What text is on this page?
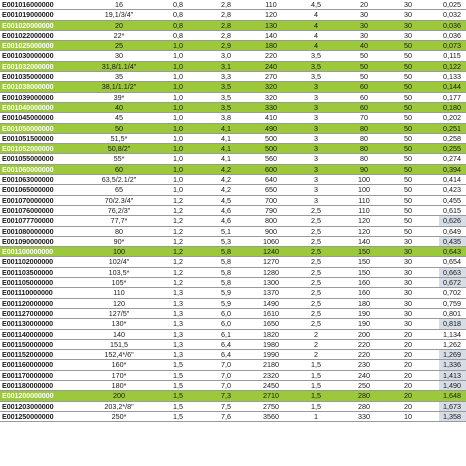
E001016000000	16	0,8	2,8	110	4,5	20	30	0,025
E001019000000	19,1/3/4"	0,8	2,8	120	4	30	30	0,032
E001020000000	20	0,8	2,8	130	4	30	30	0,036
E001022000000	22*	0,8	2,8	140	4	30	30	0,036
E001025000000	25	1,0	2,9	180	4	40	50	0,073
E001030000000	30	1,0	3,0	220	3,5	50	50	0,115
E001032000000	31,8/1.1/4"	1,0	3,1	240	3,5	50	50	0,122
E001035000000	35	1,0	3,3	270	3,5	50	50	0,133
E001038000000	38,1/1.1/2"	1,0	3,5	320	3	60	50	0,144
E001039000000	39*	1,0	3,5	320	3	60	50	0,177
E001040000000	40	1,0	3,5	330	3	60	50	0,180
E001045000000	45	1,0	3,8	410	3	70	50	0,202
E001050000000	50	1,0	4,1	490	3	80	50	0,251
E001051500000	51,5*	1,0	4,1	500	3	80	50	0,258
E001052000000	50,8/2"	1,0	4,1	500	3	80	50	0,255
E001055000000	55*	1,0	4,1	560	3	80	50	0,274
E001060000000	60	1,0	4,2	600	3	90	50	0,394
E001063000000	63,5/2.1/2"	1,0	4,2	640	3	100	50	0,414
E001065000000	65	1,0	4,2	650	3	100	50	0,423
E001070000000	70/2.3/4"	1,2	4,5	700	3	110	50	0,455
E001076000000	76,2/3"	1,2	4,6	790	2,5	110	50	0,615
E001077700000	77,7*	1,2	4,6	800	2,5	120	50	0,626
E001080000000	80	1,2	5,1	900	2,5	120	50	0,649
E001090000000	90*	1,2	5,3	1060	2,5	140	30	0,435
E001100000000	100	1,2	5,8	1240	2,5	150	30	0,643
E001102000000	102/4"	1,2	5,8	1270	2,5	150	30	0,654
E001103500000	103,5*	1,2	5,8	1280	2,5	150	30	0,663
E001105000000	105*	1,2	5,8	1300	2,5	160	30	0,672
E001110000000	110	1,3	5,9	1370	2,5	160	30	0,702
E001120000000	120	1,3	5,9	1490	2,5	180	30	0,759
E001127000000	127/5"	1,3	6,0	1610	2,5	190	30	0,801
E001130000000	130*	1,3	6,0	1650	2,5	190	30	0,818
E001140000000	140	1,3	6,1	1820	2	200	20	1,134
E001150000000	151,5	1,3	6,4	1980	2	220	20	1,262
E001152000000	152,4*/6"	1,3	6,4	1990	2	220	20	1,269
E001160000000	160*	1,5	7,0	2180	1,5	230	20	1,336
E001170000000	170*	1,5	7,0	2320	1,5	240	20	1,413
E001180000000	180*	1,5	7,0	2450	1,5	250	20	1,490
E001200000000	200	1,5	7,3	2710	1,5	280	20	1,648
E001203000000	203,2*/8"	1,5	7,5	2750	1,5	280	20	1,673
E001250000000	250*	1,5	7,6	3560	1	330	10	1,358
